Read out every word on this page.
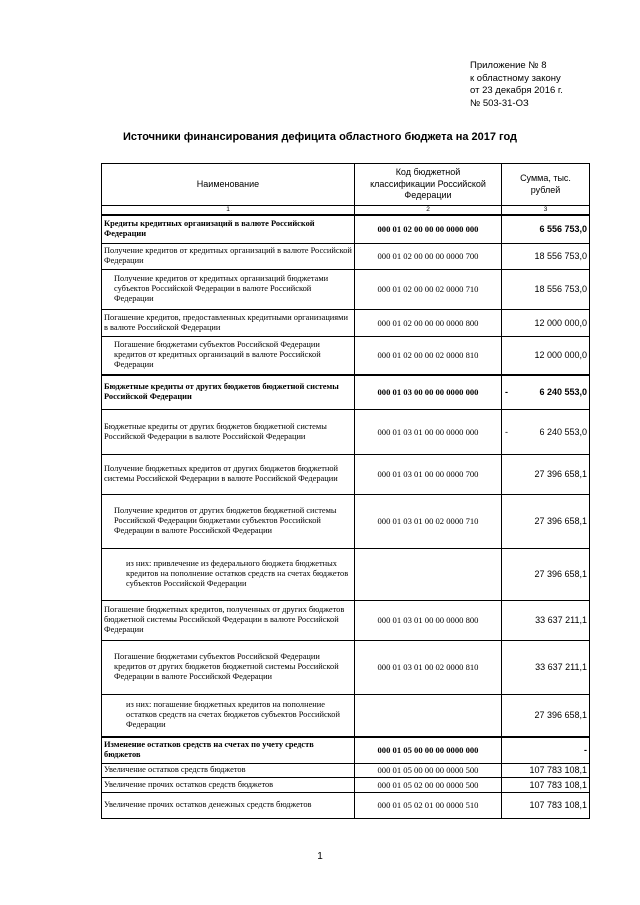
Приложение № 8
к областному закону
от 23 декабря 2016 г.
№ 503-31-ОЗ
Источники финансирования дефицита областного бюджета на 2017 год
Наименование	Код бюджетной классификации Российской Федерации	Сумма, тыс. рублей
1	2	3
Кредиты кредитных организаций в валюте Российской Федерации	000 01 02 00 00 00 0000 000	6 556 753,0
Получение кредитов от кредитных организаций в валюте Российской Федерации	000 01 02 00 00 00 0000 700	18 556 753,0
Получение кредитов от кредитных организаций бюджетами субъектов Российской Федерации в валюте Российской Федерации	000 01 02 00 00 02 0000 710	18 556 753,0
Погашение кредитов, предоставленных кредитными организациями в валюте Российской Федерации	000 01 02 00 00 00 0000 800	12 000 000,0
Погашение бюджетами субъектов Российской Федерации кредитов от кредитных организаций в валюте Российской Федерации	000 01 02 00 00 02 0000 810	12 000 000,0
Бюджетные кредиты от других бюджетов бюджетной системы Российской Федерации	000 01 03 00 00 00 0000 000	- 6 240 553,0
Бюджетные кредиты от других бюджетов бюджетной системы Российской Федерации в валюте Российской Федерации	000 01 03 01 00 00 0000 000	- 6 240 553,0
Получение бюджетных кредитов от других бюджетов бюджетной системы Российской Федерации в валюте Российской Федерации	000 01 03 01 00 00 0000 700	27 396 658,1
Получение кредитов от других бюджетов бюджетной системы Российской Федерации бюджетами субъектов Российской Федерации в валюте Российской Федерации	000 01 03 01 00 02 0000 710	27 396 658,1
из них: привлечение из федерального бюджета бюджетных кредитов на пополнение остатков средств на счетах бюджетов субъектов Российской Федерации		27 396 658,1
Погашение бюджетных кредитов, полученных от других бюджетов бюджетной системы Российской Федерации в валюте Российской Федерации	000 01 03 01 00 00 0000 800	33 637 211,1
Погашение бюджетами субъектов Российской Федерации кредитов от других бюджетов бюджетной системы Российской Федерации в валюте Российской Федерации	000 01 03 01 00 02 0000 810	33 637 211,1
из них: погашение бюджетных кредитов на пополнение остатков средств на счетах бюджетов субъектов Российской Федерации		27 396 658,1
Изменение остатков средств на счетах по учету средств бюджетов	000 01 05 00 00 00 0000 000	-
Увеличение остатков средств бюджетов	000 01 05 00 00 00 0000 500	107 783 108,1
Увеличение прочих остатков средств бюджетов	000 01 05 02 00 00 0000 500	107 783 108,1
Увеличение прочих остатков денежных средств бюджетов	000 01 05 02 01 00 0000 510	107 783 108,1
1
